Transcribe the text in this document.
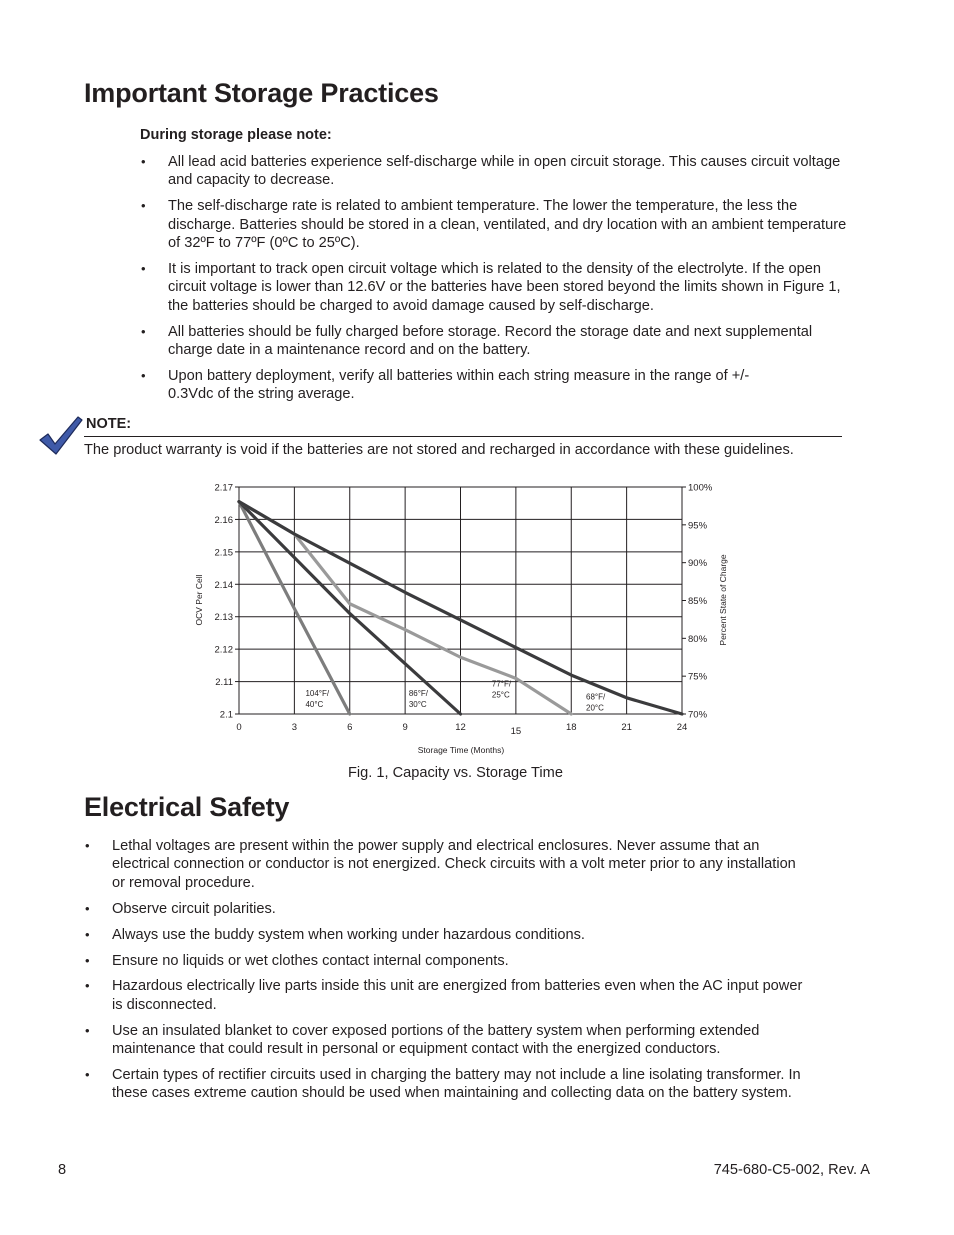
Important Storage Practices
During storage please note:
• All lead acid batteries experience self-discharge while in open circuit storage. This causes circuit voltage and capacity to decrease.
• The self-discharge rate is related to ambient temperature. The lower the temperature, the less the discharge. Batteries should be stored in a clean, ventilated, and dry location with an ambient temperature of 32ºF to 77ºF (0ºC to 25ºC).
• It is important to track open circuit voltage which is related to the density of the electrolyte. If the open circuit voltage is lower than 12.6V or the batteries have been stored beyond the limits shown in Figure 1, the batteries should be charged to avoid damage caused by self-discharge.
• All batteries should be fully charged before storage. Record the storage date and next supplemental charge date in a maintenance record and on the battery.
• Upon battery deployment, verify all batteries within each string measure in the range of +/- 0.3Vdc of the string average.
NOTE:
The product warranty is void if the batteries are not stored and recharged in accordance with these guidelines.
0	3	6	9	12	15	18	21	24
2.17
2.16
2.15
2.14
2.13
2.12
2.11
2.1
100%
95%
90%
85%
80%
75%
70%
104°F/
40°C
86°F/
30°C
77°F/
25°C	68°F/
20°C
OCV Per Cell	Percent State of Charge
Storage Time (Months)
Fig. 1, Capacity vs. Storage Time
Electrical Safety
• Lethal voltages are present within the power supply and electrical enclosures. Never assume that an electrical connection or conductor is not energized. Check circuits with a volt meter prior to any installation or removal procedure.
• Observe circuit polarities.
• Always use the buddy system when working under hazardous conditions.
• Ensure no liquids or wet clothes contact internal components.
• Hazardous electrically live parts inside this unit are energized from batteries even when the AC input power is disconnected.
• Use an insulated blanket to cover exposed portions of the battery system when performing extended maintenance that could result in personal or equipment contact with the energized conductors.
• Certain types of rectifier circuits used in charging the battery may not include a line isolating transformer. In these cases extreme caution should be used when maintaining and collecting data on the battery system.
8	745-680-C5-002, Rev. A
